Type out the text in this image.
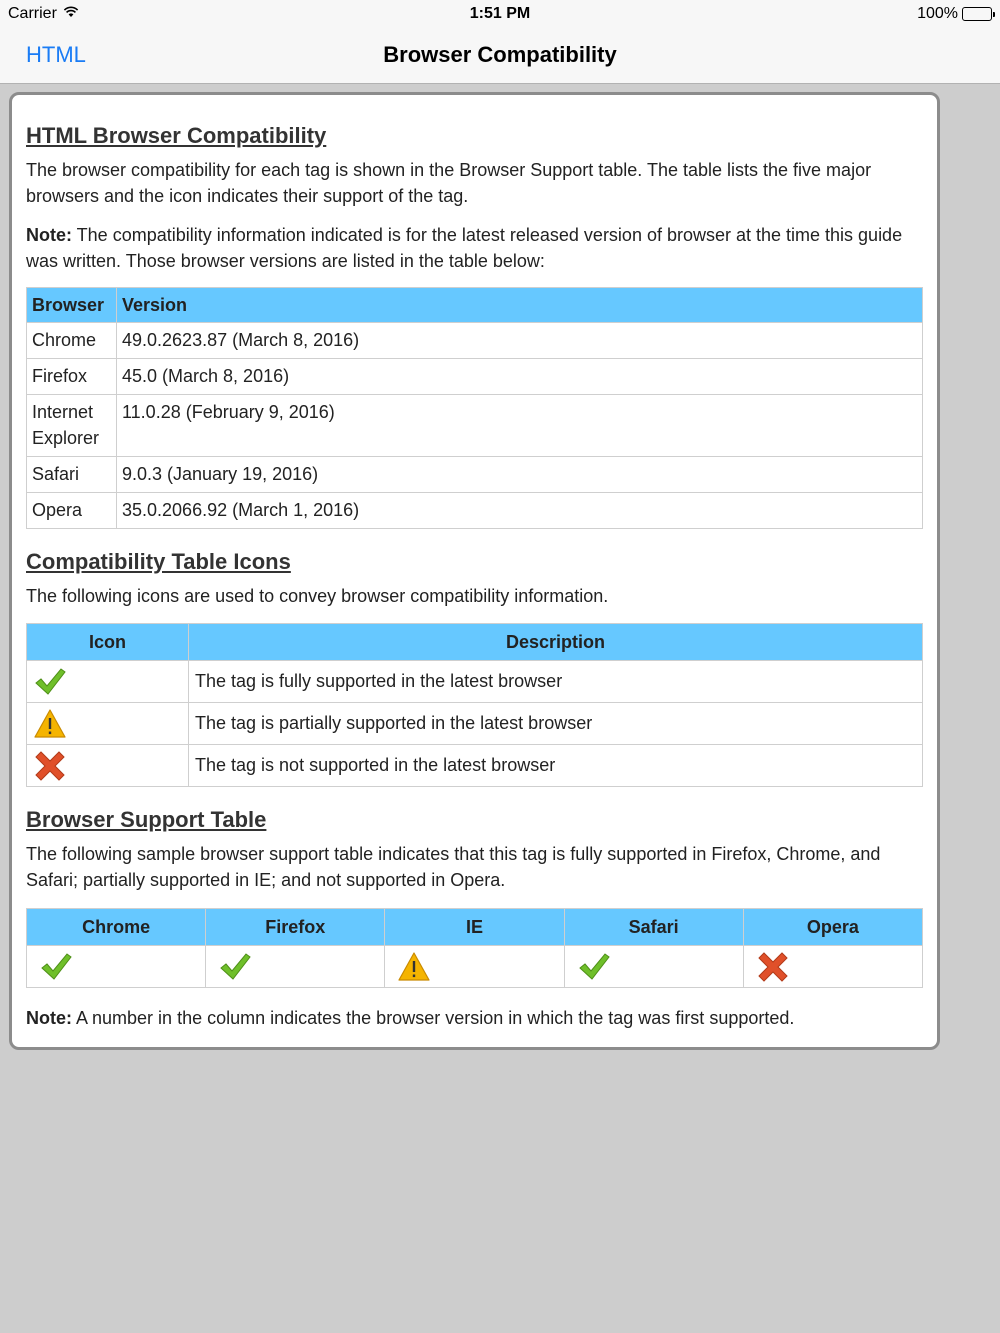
Carrier	1:51 PM	100%
HTML	Browser Compatibility
HTML Browser Compatibility

The browser compatibility for each tag is shown in the Browser Support table. The table lists the five major browsers and the icon indicates their support of the tag.

Note: The compatibility information indicated is for the latest released version of browser at the time this guide was written. Those browser versions are listed in the table below:

Browser	Version
Chrome	49.0.2623.87 (March 8, 2016)
Firefox	45.0 (March 8, 2016)
Internet Explorer	11.0.28 (February 9, 2016)
Safari	9.0.3 (January 19, 2016)
Opera	35.0.2066.92 (March 1, 2016)
Compatibility Table Icons

The following icons are used to convey browser compatibility information.

Icon	Description

	The tag is fully supported in the latest browser

	The tag is partially supported in the latest browser

	The tag is not supported in the latest browser
Browser Support Table

The following sample browser support table indicates that this tag is fully supported in Firefox, Chrome, and Safari; partially supported in IE; and not supported in Opera.

Chrome	Firefox	IE	Safari	Opera

Note: A number in the column indicates the browser version in which the tag was first supported.
